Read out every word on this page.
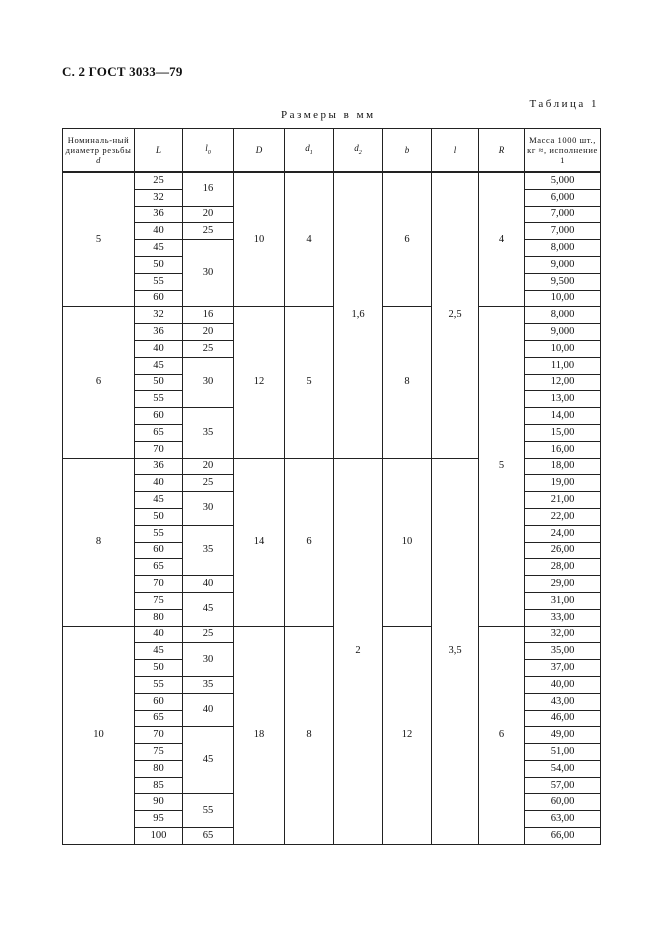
С. 2 ГОСТ 3033—79
Таблица 1
Размеры в мм
Номиналь-ный диаметр резьбы d	L	$l_0$	D	$d_1$	$d_2$	b	l	R	Масса 1000 шт., кг ≈, исполнение 1
5	25	16	10	4	1,6	6	2,5	4	5,000
	32								6,000
	36	20							7,000
	40	25							7,000
	45	30							8,000
	50								9,000
	55								9,500
	60								10,00
6	32	16	12	5		8		5	8,000
	36	20							9,000
	40	25							10,00
	45	30							11,00
	50								12,00
	55								13,00
	60	35							14,00
	65								15,00
	70								16,00
8	36	20	14	6	2	10	3,5		18,00
	40	25							19,00
	45	30							21,00
	50								22,00
	55	35							24,00
	60								26,00
	65								28,00
	70	40							29,00
	75	45							31,00
	80								33,00
10	40	25	18	8		12		6	32,00
	45	30							35,00
	50								37,00
	55	35							40,00
	60	40							43,00
	65								46,00
	70	45							49,00
	75								51,00
	80								54,00
	85								57,00
	90	55							60,00
	95								63,00
	100	65							66,00
